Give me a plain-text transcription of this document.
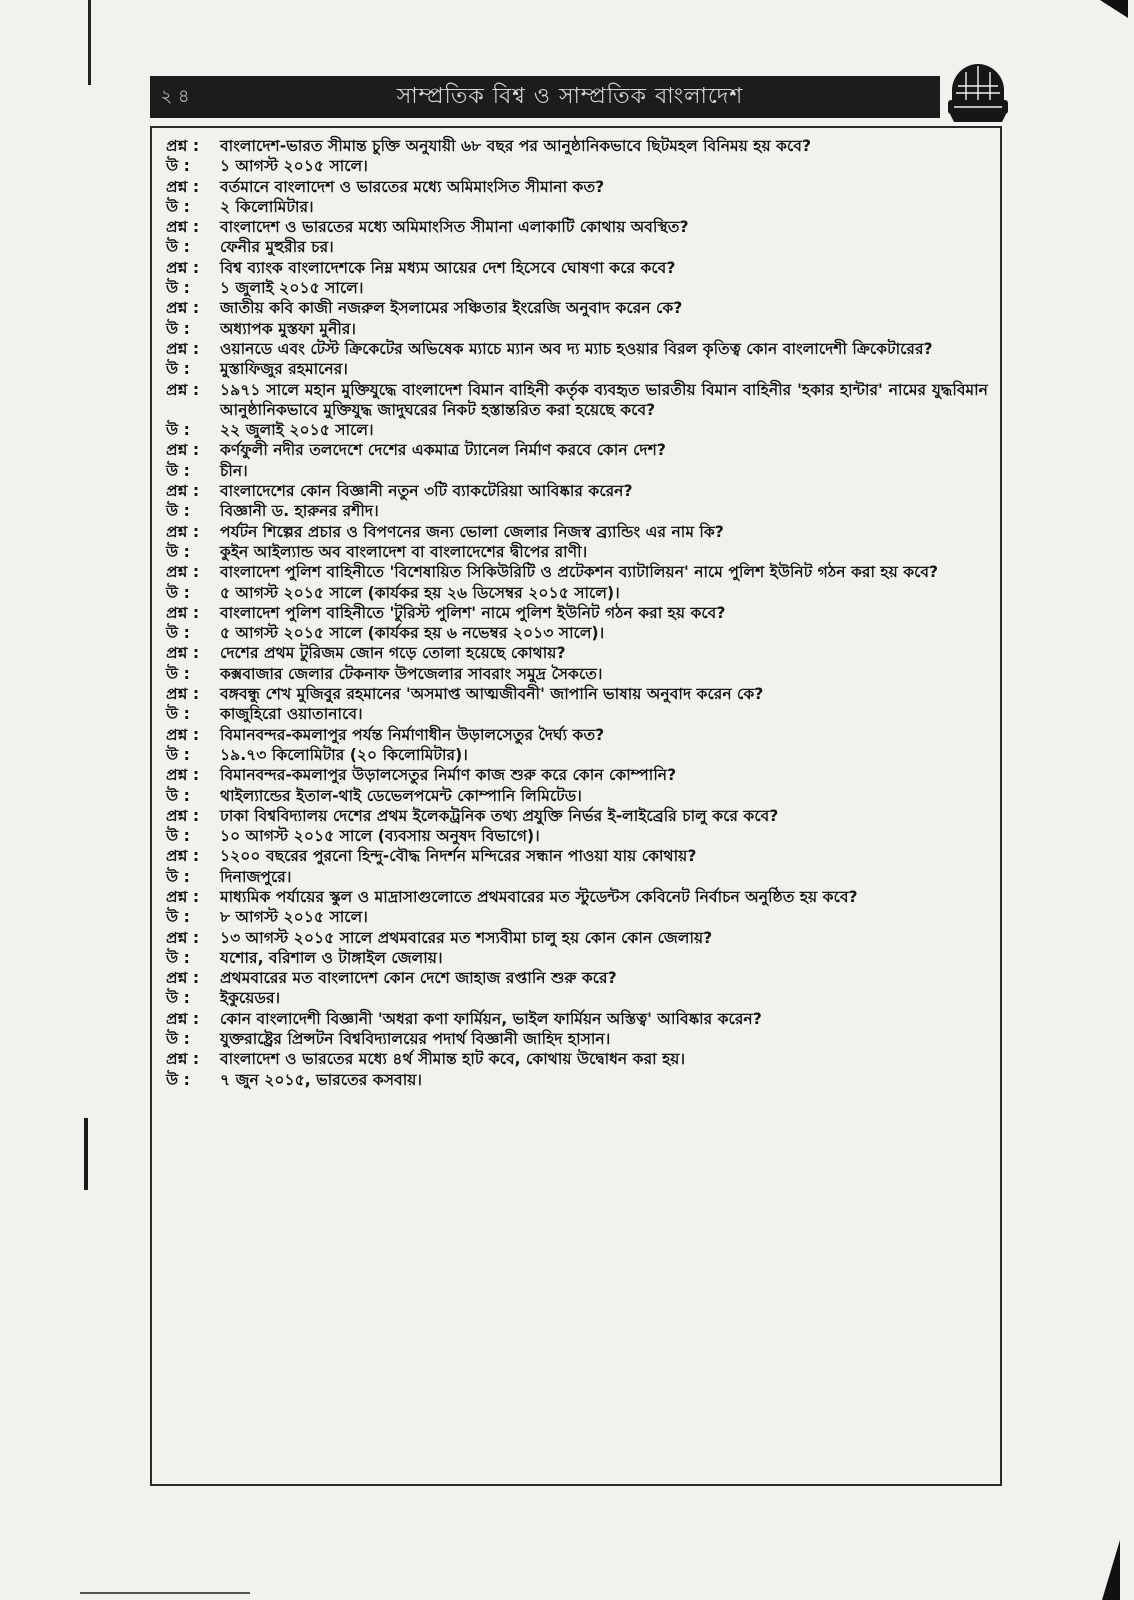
২ ৪	সাম্প্রতিক বিশ্ব ও সাম্প্রতিক বাংলাদেশ
প্রশ্ন :	বাংলাদেশ-ভারত সীমান্ত চুক্তি অনুযায়ী ৬৮ বছর পর আনুষ্ঠানিকভাবে ছিটমহল বিনিময় হয় কবে?
উ :	১ আগস্ট ২০১৫ সালে।
প্রশ্ন :	বর্তমানে বাংলাদেশ ও ভারতের মধ্যে অমিমাংসিত সীমানা কত?
উ :	২ কিলোমিটার।
প্রশ্ন :	বাংলাদেশ ও ভারতের মধ্যে অমিমাংসিত সীমানা এলাকাটি কোথায় অবস্থিত?
উ :	ফেনীর মুহুরীর চর।
প্রশ্ন :	বিশ্ব ব্যাংক বাংলাদেশকে নিম্ন মধ্যম আয়ের দেশ হিসেবে ঘোষণা করে কবে?
উ :	১ জুলাই ২০১৫ সালে।
প্রশ্ন :	জাতীয় কবি কাজী নজরুল ইসলামের সঞ্চিতার ইংরেজি অনুবাদ করেন কে?
উ :	অধ্যাপক মুস্তফা মুনীর।
প্রশ্ন :	ওয়ানডে এবং টেস্ট ক্রিকেটের অভিষেক ম্যাচে ম্যান অব দ্য ম্যাচ হওয়ার বিরল কৃতিত্ব কোন বাংলাদেশী ক্রিকেটারের?
উ :	মুস্তাফিজুর রহমানের।
প্রশ্ন :	১৯৭১ সালে মহান মুক্তিযুদ্ধে বাংলাদেশ বিমান বাহিনী কর্তৃক ব্যবহৃত ভারতীয় বিমান বাহিনীর 'হকার হান্টার' নামের যুদ্ধবিমান আনুষ্ঠানিকভাবে মুক্তিযুদ্ধ জাদুঘরের নিকট হস্তান্তরিত করা হয়েছে কবে?
উ :	২২ জুলাই ২০১৫ সালে।
প্রশ্ন :	কর্ণফুলী নদীর তলদেশে দেশের একমাত্র ট্যানেল নির্মাণ করবে কোন দেশ?
উ :	চীন।
প্রশ্ন :	বাংলাদেশের কোন বিজ্ঞানী নতুন ৩টি ব্যাকটেরিয়া আবিষ্কার করেন?
উ :	বিজ্ঞানী ড. হারুনর রশীদ।
প্রশ্ন :	পর্যটন শিল্পের প্রচার ও বিপণনের জন্য ভোলা জেলার নিজস্ব ব্র্যান্ডিং এর নাম কি?
উ :	কুইন আইল্যান্ড অব বাংলাদেশ বা বাংলাদেশের দ্বীপের রাণী।
প্রশ্ন :	বাংলাদেশ পুলিশ বাহিনীতে 'বিশেষায়িত সিকিউরিটি ও প্রটেকশন ব্যাটালিয়ন' নামে পুলিশ ইউনিট গঠন করা হয় কবে?
উ :	৫ আগস্ট ২০১৫ সালে (কার্যকর হয় ২৬ ডিসেম্বর ২০১৫ সালে)।
প্রশ্ন :	বাংলাদেশ পুলিশ বাহিনীতে 'টুরিস্ট পুলিশ' নামে পুলিশ ইউনিট গঠন করা হয় কবে?
উ :	৫ আগস্ট ২০১৫ সালে (কার্যকর হয় ৬ নভেম্বর ২০১৩ সালে)।
প্রশ্ন :	দেশের প্রথম টুরিজম জোন গড়ে তোলা হয়েছে কোথায়?
উ :	কক্সবাজার জেলার টেকনাফ উপজেলার সাবরাং সমুদ্র সৈকতে।
প্রশ্ন :	বঙ্গবন্ধু শেখ মুজিবুর রহমানের 'অসমাপ্ত আত্মজীবনী' জাপানি ভাষায় অনুবাদ করেন কে?
উ :	কাজুহিরো ওয়াতানাবে।
প্রশ্ন :	বিমানবন্দর-কমলাপুর পর্যন্ত নির্মাণাধীন উড়ালসেতুর দৈর্ঘ্য কত?
উ :	১৯.৭৩ কিলোমিটার (২০ কিলোমিটার)।
প্রশ্ন :	বিমানবন্দর-কমলাপুর উড়ালসেতুর নির্মাণ কাজ শুরু করে কোন কোম্পানি?
উ :	থাইল্যান্ডের ইতাল-থাই ডেভেলপমেন্ট কোম্পানি লিমিটেড।
প্রশ্ন :	ঢাকা বিশ্ববিদ্যালয় দেশের প্রথম ইলেকট্রনিক তথ্য প্রযুক্তি নির্ভর ই-লাইব্রেরি চালু করে কবে?
উ :	১০ আগস্ট ২০১৫ সালে (ব্যবসায় অনুষদ বিভাগে)।
প্রশ্ন :	১২০০ বছরের পুরনো হিন্দু-বৌদ্ধ নিদর্শন মন্দিরের সন্ধান পাওয়া যায় কোথায়?
উ :	দিনাজপুরে।
প্রশ্ন :	মাধ্যমিক পর্যায়ের স্কুল ও মাদ্রাসাগুলোতে প্রথমবারের মত স্টুডেন্টস কেবিনেট নির্বাচন অনুষ্ঠিত হয় কবে?
উ :	৮ আগস্ট ২০১৫ সালে।
প্রশ্ন :	১৩ আগস্ট ২০১৫ সালে প্রথমবারের মত শস্যবীমা চালু হয় কোন কোন জেলায়?
উ :	যশোর, বরিশাল ও টাঙ্গাইল জেলায়।
প্রশ্ন :	প্রথমবারের মত বাংলাদেশ কোন দেশে জাহাজ রপ্তানি শুরু করে?
উ :	ইকুয়েডর।
প্রশ্ন :	কোন বাংলাদেশী বিজ্ঞানী 'অধরা কণা ফার্মিয়ন, ভাইল ফার্মিয়ন অস্তিত্ব' আবিষ্কার করেন?
উ :	যুক্তরাষ্ট্রের প্রিন্সটন বিশ্ববিদ্যালয়ের পদার্থ বিজ্ঞানী জাহিদ হাসান।
প্রশ্ন :	বাংলাদেশ ও ভারতের মধ্যে ৪র্থ সীমান্ত হাট কবে, কোথায় উদ্বোধন করা হয়।
উ :	৭ জুন ২০১৫, ভারতের কসবায়।
